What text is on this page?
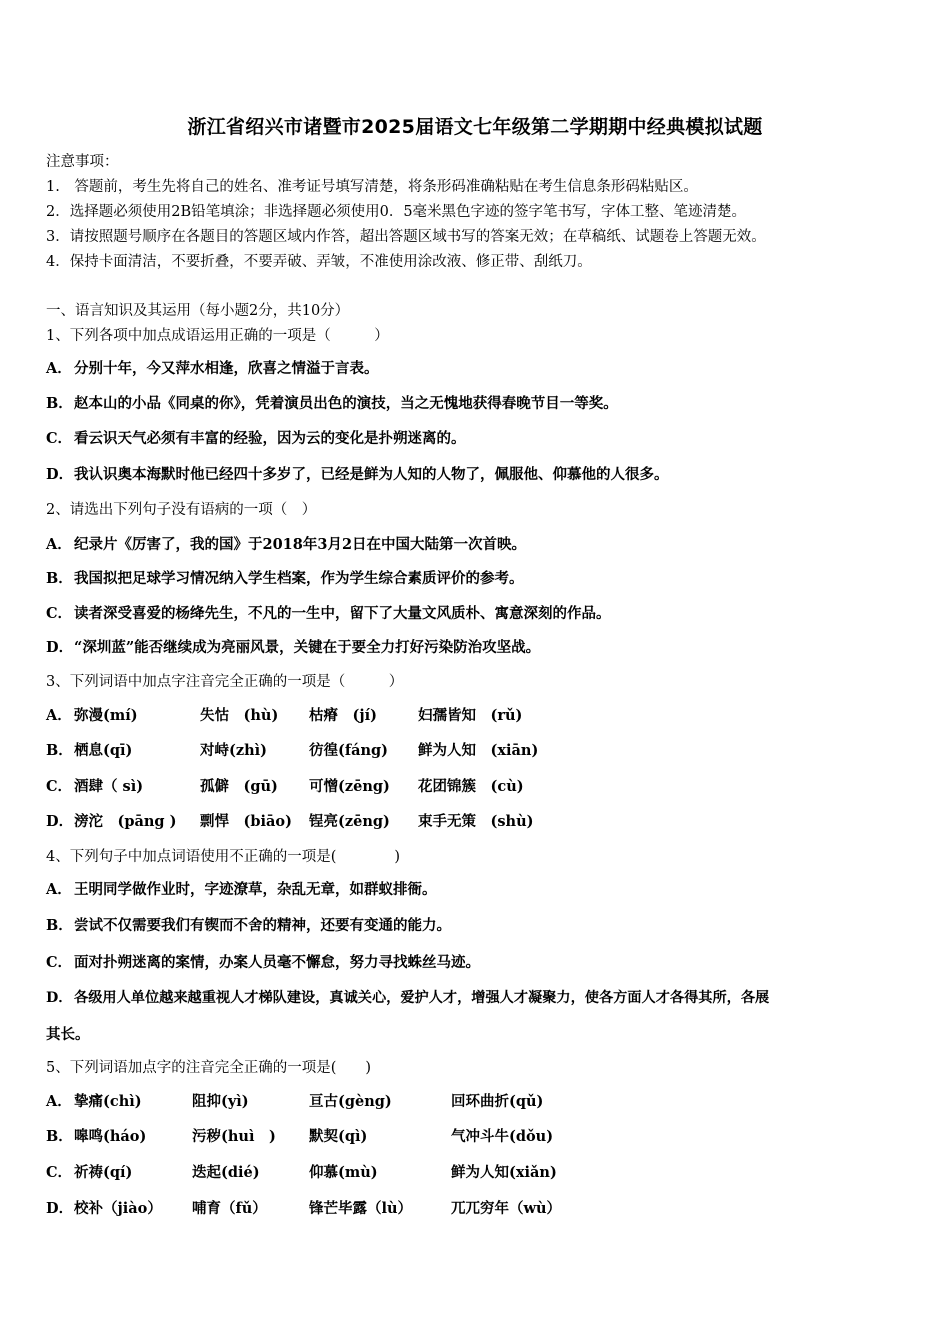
浙江省绍兴市诸暨市2025届语文七年级第二学期期中经典模拟试题
注意事项：
1.　答题前，考生先将自己的姓名、准考证号填写清楚，将条形码准确粘贴在考生信息条形码粘贴区。
2．选择题必须使用2B铅笔填涂；非选择题必须使用0．5毫米黑色字迹的签字笔书写，字体工整、笔迹清楚。
3．请按照题号顺序在各题目的答题区域内作答，超出答题区域书写的答案无效；在草稿纸、试题卷上答题无效。
4．保持卡面清洁，不要折叠，不要弄破、弄皱，不准使用涂改液、修正带、刮纸刀。
一、语言知识及其运用（每小题2分，共10分）
1、下列各项中加点成语运用正确的一项是（　　　）
A． 分别十年，今又萍水相逢，欣喜之情溢于言表。
B．赵本山的小品《同桌的你》，凭着演员出色的演技，当之无愧地获得春晚节目一等奖。
C． 看云识天气必须有丰富的经验，因为云的变化是扑朔迷离的。
D．我认识奥本海默时他已经四十多岁了，已经是鲜为人知的人物了，佩服他、仰慕他的人很多。
2、请选出下列句子没有语病的一项（　）
A． 纪录片《厉害了，我的国》于2018年3月2日在中国大陆第一次首映。
B．我国拟把足球学习情况纳入学生档案，作为学生综合素质评价的参考。
C． 读者深受喜爱的杨绛先生，不凡的一生中，留下了大量文风质朴、寓意深刻的作品。
D．“深圳蓝”能否继续成为亮丽风景，关键在于要全力打好污染防治攻坚战。
3、下列词语中加点字注音完全正确的一项是（　　　）
A． 弥漫(mí)	失怙　(hù) 枯瘠　(jí)	妇孺皆知　(rǔ)
B． 栖息(qī)	对峙(zhì)	彷徨(fáng) 鲜为人知　(xiān)
C． 酒肆（ sì)	孤僻　(gū) 可憎(zēng) 花团锦簇　(cù)
D． 滂沱　(pāng ) 剽悍　(biāo) 锃亮(zēng) 束手无策　(shù)
4、下列句子中加点词语使用不正确的一项是(　　　　)
A． 王明同学做作业时，字迹潦草，杂乱无章，如群蚁排衙。
B．尝试不仅需要我们有锲而不舍的精神，还要有变通的能力。
C． 面对扑朔迷离的案情，办案人员毫不懈怠，努力寻找蛛丝马迹。
D． 各级用人单位越来越重视人才梯队建设，真诚关心，爱护人才，增强人才凝聚力，使各方面人才各得其所，各展
其长。
5、下列词语加点字的注音完全正确的一项是(　　)
A． 挚痛(chì)	阻抑(yì)	亘古(gèng)	回环曲折(qǔ)
B． 嗥鸣(háo)	污秽(huì　) 默契(qì)	气冲斗牛(dǒu)
C． 祈祷(qí)	迭起(dié)	仰慕(mù)	鲜为人知(xiǎn)
D． 校补（jiào） 哺育（fǔ）	锋芒毕露（lù）	兀兀穷年（wù）
